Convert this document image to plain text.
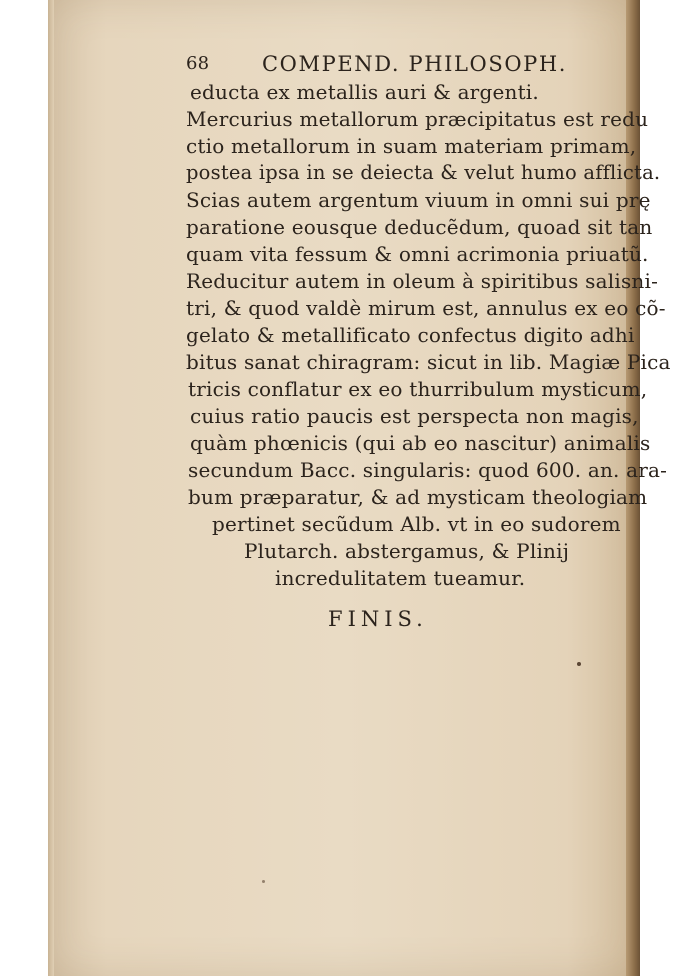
68	COMPEND. PHILOSOPH.
educta ex metallis auri & argenti.
Mercurius metallorum præcipitatus est redu
ctio metallorum in suam materiam primam,
postea ipsa in se deiecta & velut humo afflicta.
Scias autem argentum viuum in omni sui prę
paratione eousque deducẽdum, quoad sit tan
quam vita fessum & omni acrimonia priuatũ.
Reducitur autem in oleum à spiritibus salisni-
tri, & quod valdè mirum est, annulus ex eo cõ-
gelato & metallificato confectus digito adhi
bitus sanat chiragram: sicut in lib. Magiæ Pica
tricis conflatur ex eo thurribulum mysticum,
cuius ratio paucis est perspecta non magis,
quàm phœnicis (qui ab eo nascitur) animalis
secundum Bacc. singularis: quod 600. an. ara-
bum præparatur, & ad mysticam theologiam
pertinet secũdum Alb. vt in eo sudorem
Plutarch. abstergamus, & Plinij
incredulitatem tueamur.
FINIS.
